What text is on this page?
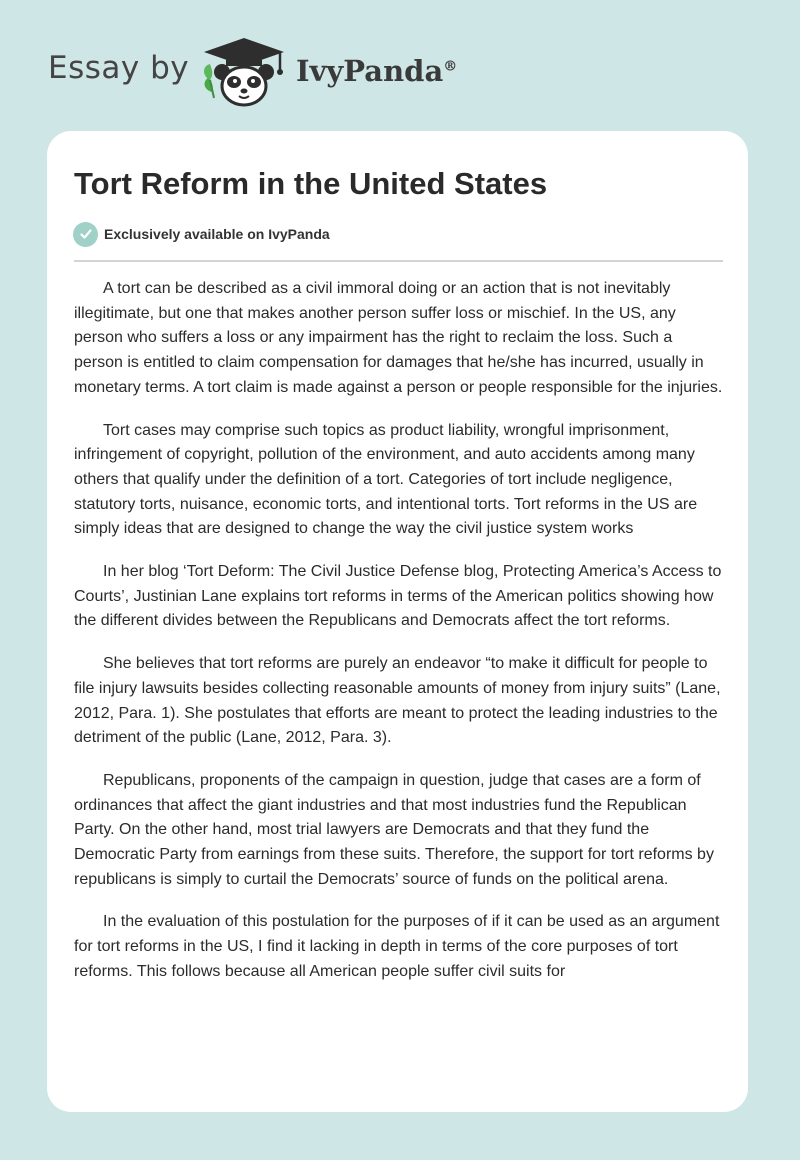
Essay by	IvyPanda®
Tort Reform in the United States
Exclusively available on IvyPanda

A tort can be described as a civil immoral doing or an action that is not inevitably illegitimate, but one that makes another person suffer loss or mischief. In the US, any person who suffers a loss or any impairment has the right to reclaim the loss. Such a person is entitled to claim compensation for damages that he/she has incurred, usually in monetary terms. A tort claim is made against a person or people responsible for the injuries.

Tort cases may comprise such topics as product liability, wrongful imprisonment, infringement of copyright, pollution of the environment, and auto accidents among many others that qualify under the definition of a tort. Categories of tort include negligence, statutory torts, nuisance, economic torts, and intentional torts. Tort reforms in the US are simply ideas that are designed to change the way the civil justice system works

In her blog ‘Tort Deform: The Civil Justice Defense blog, Protecting America’s Access to Courts’, Justinian Lane explains tort reforms in terms of the American politics showing how the different divides between the Republicans and Democrats affect the tort reforms.

She believes that tort reforms are purely an endeavor “to make it difficult for people to file injury lawsuits besides collecting reasonable amounts of money from injury suits” (Lane, 2012, Para. 1). She postulates that efforts are meant to protect the leading industries to the detriment of the public (Lane, 2012, Para. 3).

Republicans, proponents of the campaign in question, judge that cases are a form of ordinances that affect the giant industries and that most industries fund the Republican Party. On the other hand, most trial lawyers are Democrats and that they fund the Democratic Party from earnings from these suits. Therefore, the support for tort reforms by republicans is simply to curtail the Democrats’ source of funds on the political arena.

In the evaluation of this postulation for the purposes of if it can be used as an argument for tort reforms in the US, I find it lacking in depth in terms of the core purposes of tort reforms. This follows because all American people suffer civil suits for
